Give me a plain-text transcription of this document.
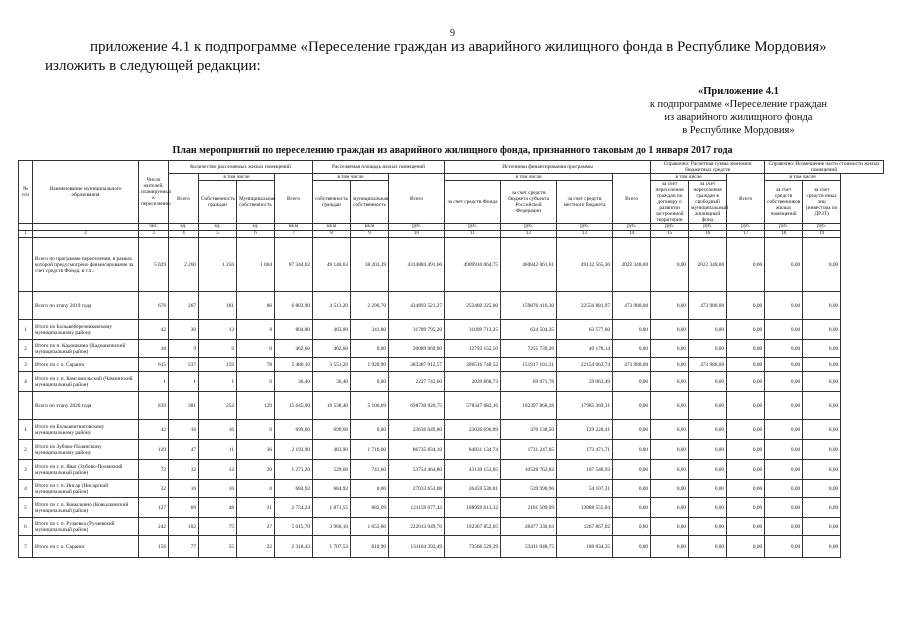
9
приложение 4.1 к подпрограмме «Переселение граждан из аварийного жилищного фонда в Республике Мордовия»
изложить в следующей редакции:
«Приложение 4.1
к подпрограмме «Переселение граждан
из аварийного жилищного фонда
в Республике Мордовия»
План мероприятий по переселению граждан из аварийного жилищного фонда, признанного таковым до 1 января 2017 года
№ п/п	Наименование муниципального образования	Число жителей, планируемых к переселению	Количество расселяемых жилых помещений				Расселяемая площадь жилых помещений			Источники финансирования программы				Справочно: Расчетная сумма экономии бюджетных средств			Справочно: Возмещение части стоимости жилых помещений	
			Всего	в том числе		Всего	в том числе		Всего	в том числе			Всего	в том числе		Всего	в том числе	
				Собственность граждан	Муниципальная собственность		собственность граждан	муниципальная собственность		за счет средств Фонда	за счет средств бюджета субъекта Российской Федерации	за счет средств местного бюджета		за счет переселения граждан по договору о развитии застроенной территории	за счет переселения граждан в свободный муниципальный жилищный фонд		за счет средств собственников жилых помещений	за счет средств иных лиц (инвестора по ДРЗТ)
		чел.	ед.	ед.	ед.	кв.м	кв.м	кв.м	руб.	руб.	руб.	руб.	руб.	руб.	руб.	руб.	руб.	руб.
1	2	3	4	5	6	7	8	9	10	11	12	13	14	15	16	17	18	19
	Всего по программе переселения, в рамках которой предусмотрено финансирование за счет средств Фонда, в т.ч.:	5 029	2 260	1 256	1 004	87 344,02	49 140,63	38 203,39	4314884 491,66	4909910 064,75	460842 061,61	49132 565,30	2022 348,00	0,00	2022 348,00	0,00	0,00	0,00
	Всего по этапу 2019 года	676	267	181	86	6 803,90	4 513,20	2 290,70	434893 521,27	252460 225,00	159876 416,30	22556 881,97	473 988,00	0,00	473 988,00	0,00	0,00	0,00
1	Итого по Большеберезниковскому муниципальному району	42	30	12	8	804,80	463,00	341,80	31789 795,20	31099 713,25	634 504,35	63 577,60	0,00	0,00	0,00	0,00	0,00	0,00
2	Итого по п. Кадошкино (Кадошкинский муниципальный район)	18	9	9	0	462,60	462,60	0,00	20089 069,90	12793 152,50	7255 739,26	40 178,14	0,00	0,00	0,00	0,00	0,00	0,00
3	Итого по г. о. Саранск	615	237	159	78	5 480,10	3 551,20	1 928,90	383387 912,57	206516 748,52	151917 101,31	22154 062,74	473 988,00	0,00	473 988,00	0,00	0,00	0,00
4	Итого по г. п. Комсомольский (Чамзинский муниципальный район)	1	1	1	0	36,40	36,40	0,00	2227 743,60	2039 868,73	69 071,78	59 063,49	0,00	0,00	0,00	0,00	0,00	0,00
	Всего по этапу 2020 года	839	381	252	129	15 645,00	10 538,40	5 106,69	698730 920,75	578347 683,16	102397 868,28	17985 369,31	0,00	0,00	0,00	0,00	0,00	0,00
1	Итого по Большеигнатовскому муниципальному району	42	16	16	0	699,60	699,60	0,00	23636 049,80	23036 690,89	470 138,50	129 220,41	0,00	0,00	0,00	0,00	0,00	0,00
2	Итого по Зубово-Полянскому муниципальному району	129	47	11	36	2 193,90	483,90	1 710,00	86735 834,10	84831 134,74	1731 247,65	173 471,71	0,00	0,00	0,00	0,00	0,00	0,00
3	Итого по г. п. Явас (Зубово-Полянский муниципальный район)	72	32	12	20	1 271,20	529,60	741,60	53754 464,80	43130 153,05	10528 762,82	107 548,93	0,00	0,00	0,00	0,00	0,00	0,00
4	Итого по г. п. Инсар (Инсарский муниципальный район)	32	16	16	0	684,92	684,92	0,00	27033 653,08	26459 536,81	539 990,96	54 107,31	0,00	0,00	0,00	0,00	0,00	0,00
5	Итого по г. п. Ковылкино (Ковылкинский муниципальный район)	127	69	48	21	2 754,24	1 871,55	882,69	121159 677,43	108959 613,32	2101 509,09	13088 555,04	0,00	0,00	0,00	0,00	0,00	0,00
6	Итого по г. п. Рузаевка (Рузаевский муниципальный район)	242	102	75	27	5 015,70	3 960,10	1 055,60	222013 049,70	192367 852,05	28477 330,63	1267 867,02	0,00	0,00	0,00	0,00	0,00	0,00
7	Итого по г. о. Саранск	156	77	55	22	2 318,43	1 707,53	610,90	131164 392,49	73566 529,39	53411 048,75	186 834,35	0,00	0,00	0,00	0,00	0,00	0,00
